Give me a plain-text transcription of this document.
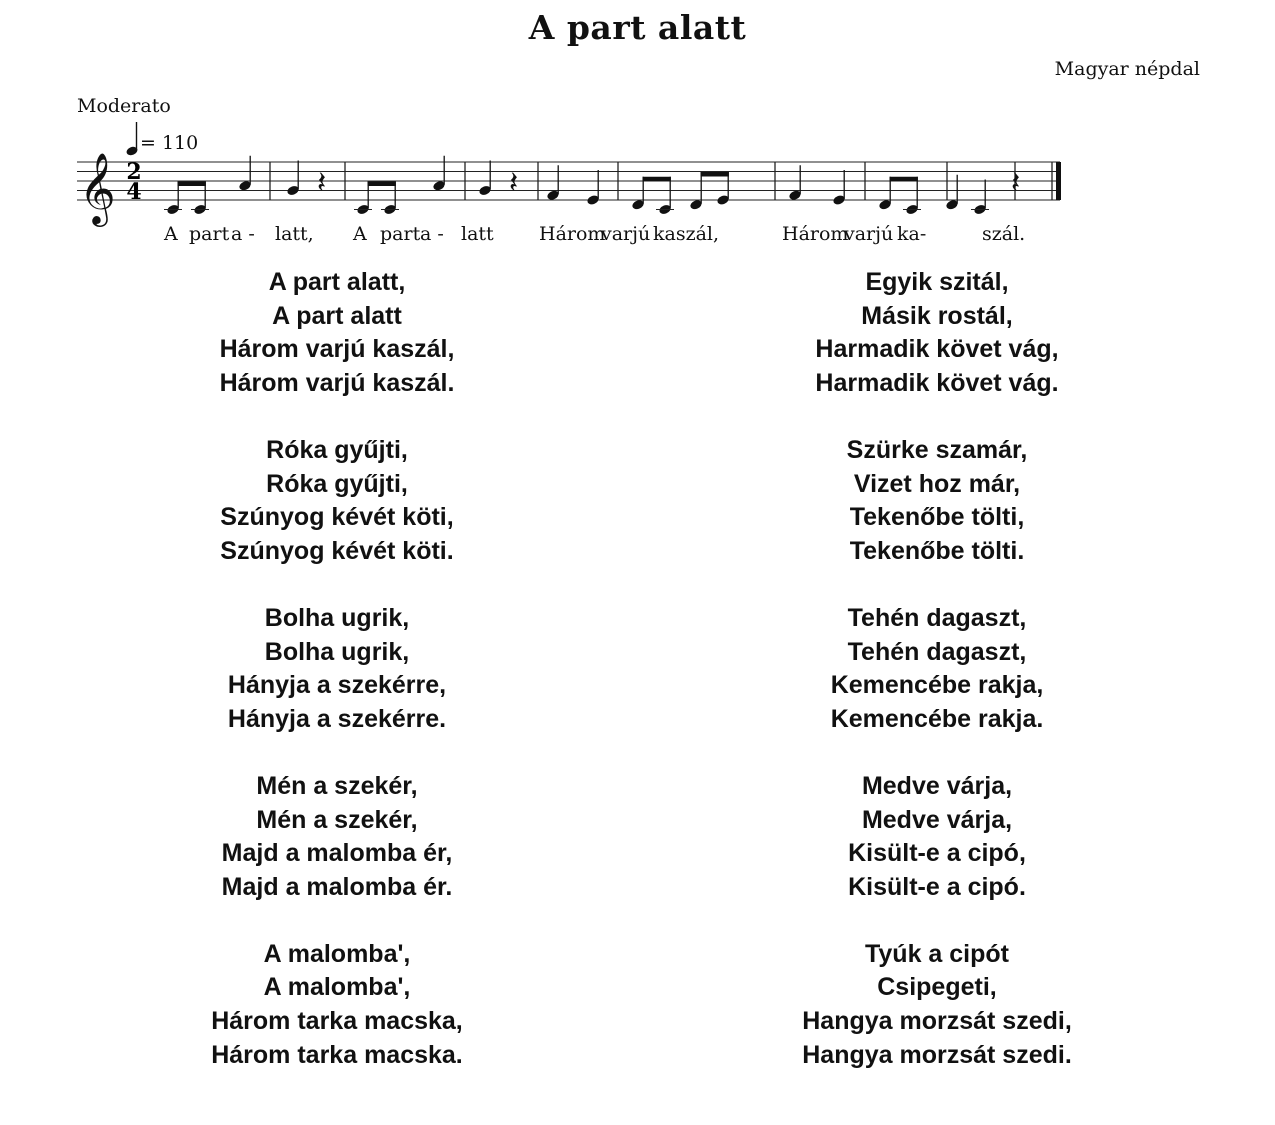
A part alatt
Magyar népdal
Moderato
= 110
𝄞 2
4	𝄽	𝄽	𝄽
A part a - latt, A part a - latt Három
varjú kaszál,	Három
varjú ka-	szál.
A part alatt,
A part alatt
Három varjú kaszál,
Három varjú kaszál.
Róka gyűjti,
Róka gyűjti,
Szúnyog kévét köti,
Szúnyog kévét köti.
Bolha ugrik,
Bolha ugrik,
Hányja a szekérre,
Hányja a szekérre.
Mén a szekér,
Mén a szekér,
Majd a malomba ér,
Majd a malomba ér.
A malomba',
A malomba',
Három tarka macska,
Három tarka macska.
Egyik szitál,
Másik rostál,
Harmadik követ vág,
Harmadik követ vág.
Szürke szamár,
Vizet hoz már,
Tekenőbe tölti,
Tekenőbe tölti.
Tehén dagaszt,
Tehén dagaszt,
Kemencébe rakja,
Kemencébe rakja.
Medve várja,
Medve várja,
Kisült-e a cipó,
Kisült-e a cipó.
Tyúk a cipót
Csipegeti,
Hangya morzsát szedi,
Hangya morzsát szedi.
